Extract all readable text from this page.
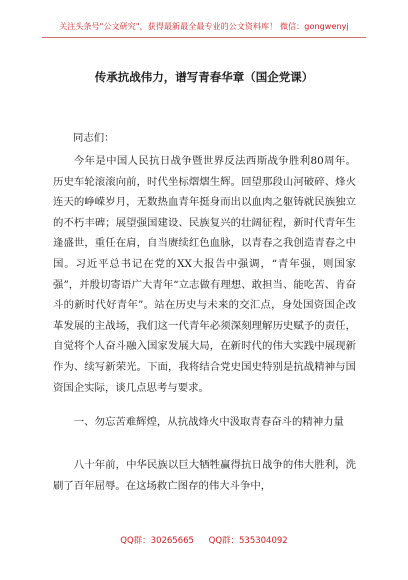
关注头条号"公文研究"，获得最新最全最专业的公文资料库！ 微信：gongwenyj
传承抗战伟力，谱写青春华章（国企党课）
同志们：

今年是中国人民抗日战争暨世界反法西斯战争胜利80周年。历史车轮滚滚向前，时代坐标熠熠生辉。回望那段山河破碎、烽火连天的峥嵘岁月，无数热血青年挺身而出以血肉之躯铸就民族独立的不朽丰碑；展望强国建设、民族复兴的壮阔征程，新时代青年生逢盛世，重任在肩，自当赓续红色血脉，以青春之我创造青春之中国。习近平总书记在党的XX大报告中强调，“青年强，则国家强”，并殷切寄语广大青年“立志做有理想、敢担当、能吃苦、肯奋斗的新时代好青年”。站在历史与未来的交汇点，身处国资国企改革发展的主战场，我们这一代青年必须深刻理解历史赋予的责任，自觉将个人奋斗融入国家发展大局，在新时代的伟大实践中展现新作为、续写新荣光。下面，我将结合党史国史特别是抗战精神与国资国企实际，谈几点思考与要求。

一、勿忘苦难辉煌，从抗战烽火中汲取青春奋斗的精神力量

八十年前，中华民族以巨大牺牲赢得抗日战争的伟大胜利，洗刷了百年屈辱。在这场救亡图存的伟大斗争中，

QQ群：30265665 QQ群：535304092
